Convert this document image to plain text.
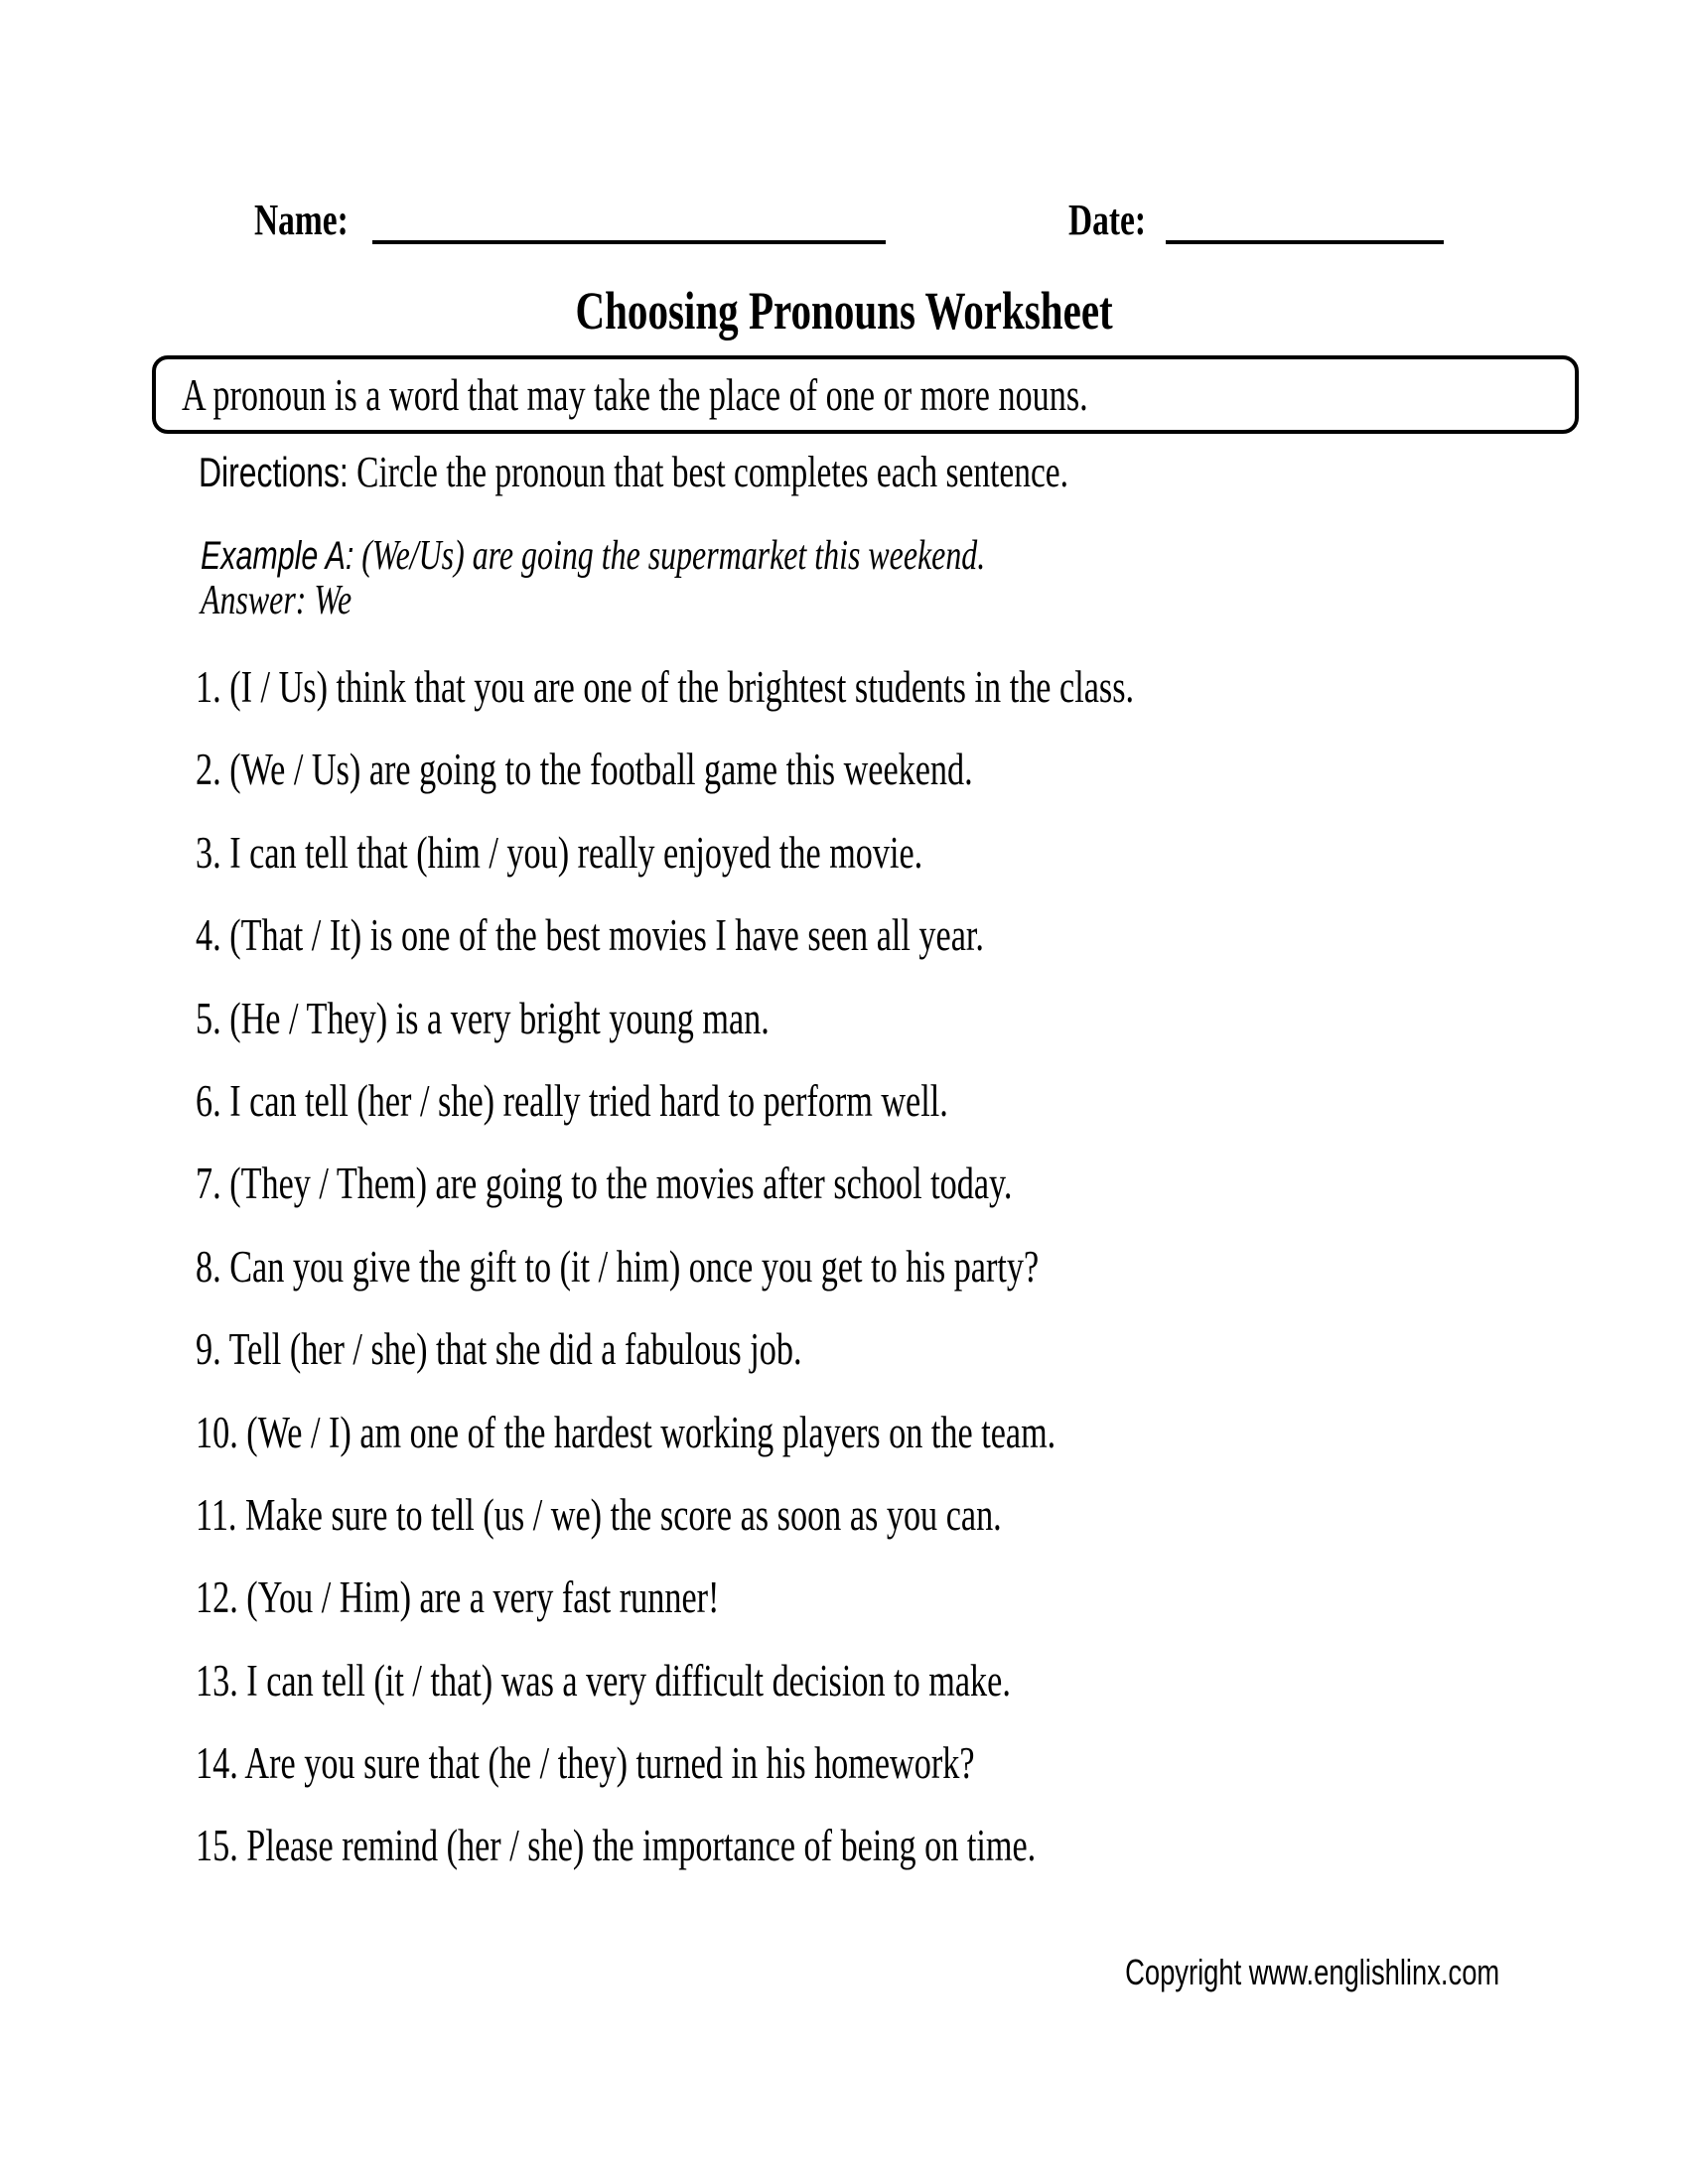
Name:	Date:
Choosing Pronouns Worksheet
A pronoun is a word that may take the place of one or more nouns.
Directions: Circle the pronoun that best completes each sentence.
Example A: (We/Us) are going the supermarket this weekend.
Answer: We
1. (I / Us) think that you are one of the brightest students in the class.
2. (We / Us) are going to the football game this weekend.
3. I can tell that (him / you) really enjoyed the movie.
4. (That / It) is one of the best movies I have seen all year.
5. (He / They) is a very bright young man.
6. I can tell (her / she) really tried hard to perform well.
7. (They / Them) are going to the movies after school today.
8. Can you give the gift to (it / him) once you get to his party?
9. Tell (her / she) that she did a fabulous job.
10. (We / I) am one of the hardest working players on the team.
11. Make sure to tell (us / we) the score as soon as you can.
12. (You / Him) are a very fast runner!
13. I can tell (it / that) was a very difficult decision to make.
14. Are you sure that (he / they) turned in his homework?
15. Please remind (her / she) the importance of being on time.
Copyright www.englishlinx.com
